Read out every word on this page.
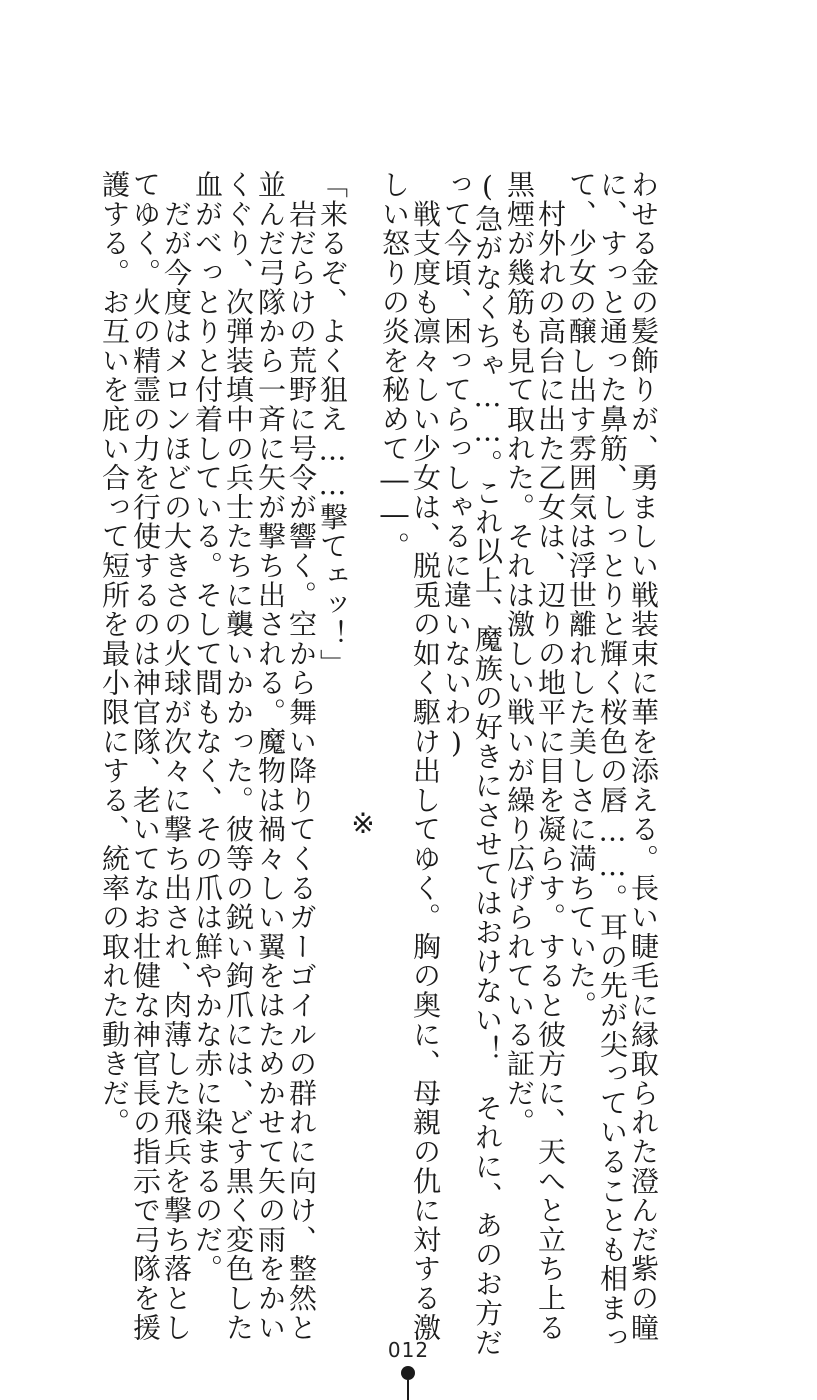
わせる金の髪飾りが、勇ましい戦装束に華を添える。長い睫毛に縁取られた澄んだ紫の瞳
に、すっと通った鼻筋、しっとりと輝く桜色の唇……。耳の先が尖っていることも相まっ
て、少女の醸し出す雰囲気は浮世離れした美しさに満ちていた。
　村外れの高台に出た乙女は、辺りの地平に目を凝らす。すると彼方に、天へと立ち上る
黒煙が幾筋も見て取れた。それは激しい戦いが繰り広げられている証だ。
(急がなくちゃ……。これ以上、魔族の好きにさせてはおけない！　それに、あのお方だ
って今頃、困ってらっしゃるに違いないわ)
　戦支度も凛々しい少女は、脱兎の如く駆け出してゆく。胸の奥に、母親の仇に対する激
しい怒りの炎を秘めて――。
※
「来るぞ、よく狙え……撃てェッ！」
　岩だらけの荒野に号令が響く。空から舞い降りてくるガーゴイルの群れに向け、整然と
並んだ弓隊から一斉に矢が撃ち出される。魔物は禍々しい翼をはためかせて矢の雨をかい
くぐり、次弾装填中の兵士たちに襲いかかった。彼等の鋭い鉤爪には、どす黒く変色した
血がべっとりと付着している。そして間もなく、その爪は鮮やかな赤に染まるのだ。
　だが今度はメロンほどの大きさの火球が次々に撃ち出され、肉薄した飛兵を撃ち落とし
てゆく。火の精霊の力を行使するのは神官隊、老いてなお壮健な神官長の指示で弓隊を援
護する。お互いを庇い合って短所を最小限にする、統率の取れた動きだ。
012
